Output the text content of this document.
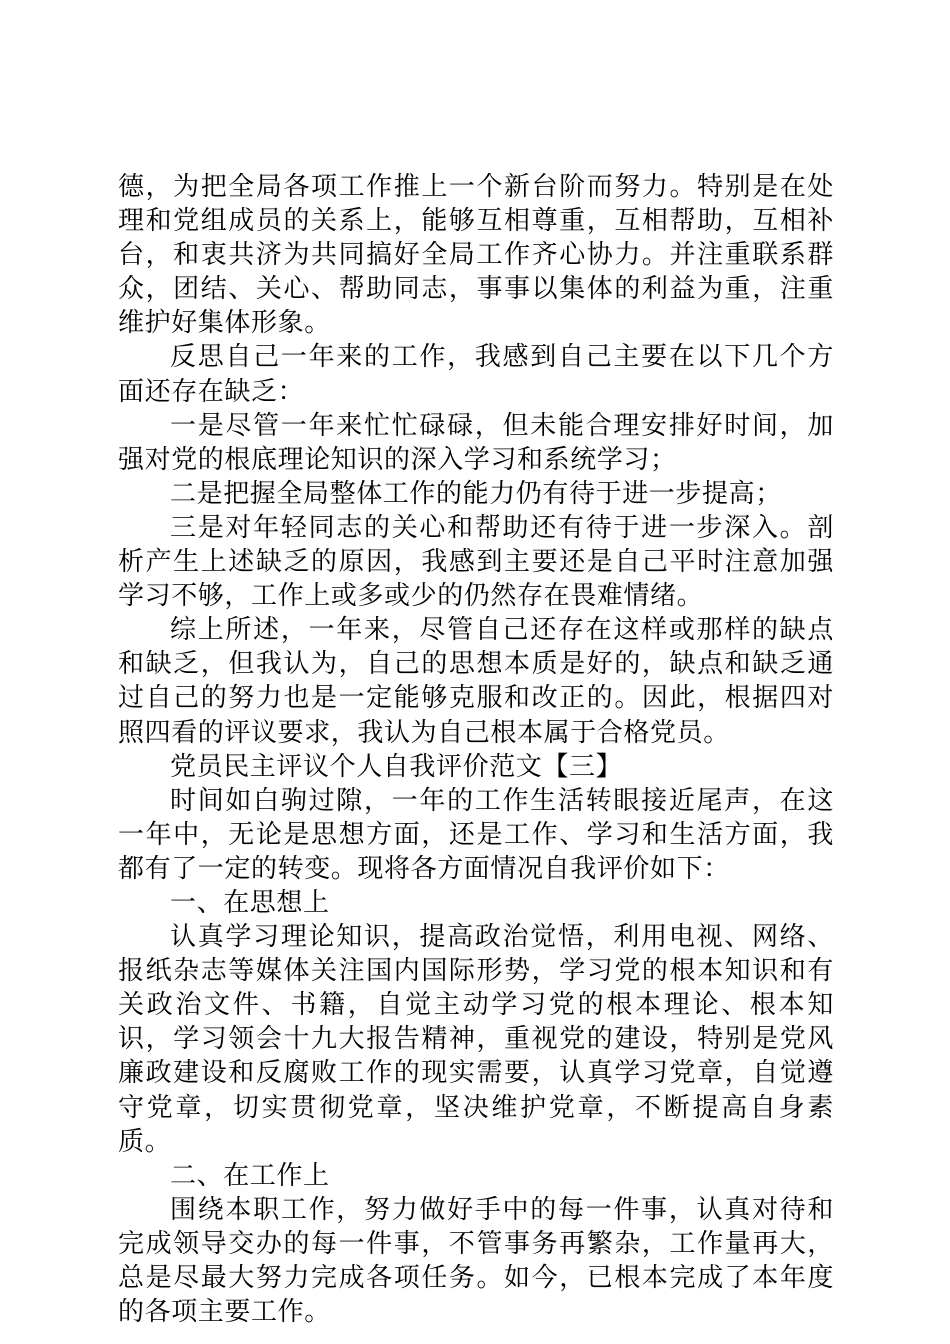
德，为把全局各项工作推上一个新台阶而努力。特别是在处理和党组成员的关系上，能够互相尊重，互相帮助，互相补台，和衷共济为共同搞好全局工作齐心协力。并注重联系群众，团结、关心、帮助同志，事事以集体的利益为重，注重维护好集体形象。

反思自己一年来的工作，我感到自己主要在以下几个方面还存在缺乏：

一是尽管一年来忙忙碌碌，但未能合理安排好时间，加强对党的根底理论知识的深入学习和系统学习；

二是把握全局整体工作的能力仍有待于进一步提高；

三是对年轻同志的关心和帮助还有待于进一步深入。剖析产生上述缺乏的原因，我感到主要还是自己平时注意加强学习不够，工作上或多或少的仍然存在畏难情绪。

综上所述，一年来，尽管自己还存在这样或那样的缺点和缺乏，但我认为，自己的思想本质是好的，缺点和缺乏通过自己的努力也是一定能够克服和改正的。因此，根据四对照四看的评议要求，我认为自己根本属于合格党员。

党员民主评议个人自我评价范文【三】

时间如白驹过隙，一年的工作生活转眼接近尾声，在这一年中，无论是思想方面，还是工作、学习和生活方面，我都有了一定的转变。现将各方面情况自我评价如下：

一、在思想上

认真学习理论知识，提高政治觉悟，利用电视、网络、报纸杂志等媒体关注国内国际形势，学习党的根本知识和有关政治文件、书籍，自觉主动学习党的根本理论、根本知识，学习领会十九大报告精神，重视党的建设，特别是党风廉政建设和反腐败工作的现实需要，认真学习党章，自觉遵守党章，切实贯彻党章，坚决维护党章，不断提高自身素质。

二、在工作上

围绕本职工作，努力做好手中的每一件事，认真对待和完成领导交办的每一件事，不管事务再繁杂，工作量再大，总是尽最大努力完成各项任务。如今，已根本完成了本年度的各项主要工作。
